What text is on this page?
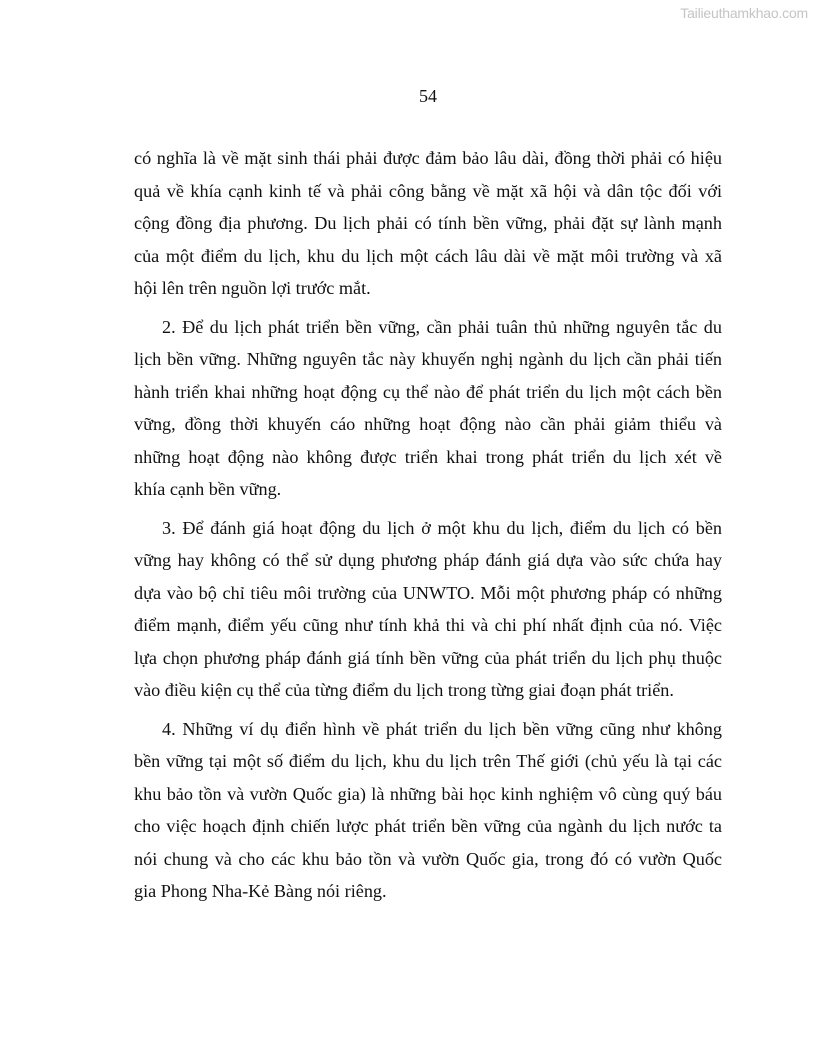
Tailieuthamkhao.com
54
có nghĩa là về mặt sinh thái phải được đảm bảo lâu dài, đồng thời phải có hiệu
quả về khía cạnh kinh tế và phải công bằng về mặt xã hội và dân tộc đối với
cộng đồng địa phương. Du lịch phải có tính bền vững, phải đặt sự lành mạnh
của một điểm du lịch, khu du lịch một cách lâu dài về mặt môi trường và xã
hội lên trên nguồn lợi trước mắt.
2. Để du lịch phát triển bền vững, cần phải tuân thủ những nguyên tắc du
lịch bền vững. Những nguyên tắc này khuyến nghị ngành du lịch cần phải tiến
hành triển khai những hoạt động cụ thể nào để phát triển du lịch một cách bền
vững, đồng thời khuyến cáo những hoạt động nào cần phải giảm thiểu và
những hoạt động nào không được triển khai trong phát triển du lịch xét về
khía cạnh bền vững.
3. Để đánh giá hoạt động du lịch ở một khu du lịch, điểm du lịch có bền
vững hay không có thể sử dụng phương pháp đánh giá dựa vào sức chứa hay
dựa vào bộ chỉ tiêu môi trường của UNWTO. Mỗi một phương pháp có những
điểm mạnh, điểm yếu cũng như tính khả thi và chi phí nhất định của nó. Việc
lựa chọn phương pháp đánh giá tính bền vững của phát triển du lịch phụ thuộc
vào điều kiện cụ thể của từng điểm du lịch trong từng giai đoạn phát triển.
4. Những ví dụ điển hình về phát triển du lịch bền vững cũng như không
bền vững tại một số điểm du lịch, khu du lịch trên Thế giới (chủ yếu là tại các
khu bảo tồn và vườn Quốc gia) là những bài học kinh nghiệm vô cùng quý báu
cho việc hoạch định chiến lược phát triển bền vững của ngành du lịch nước ta
nói chung và cho các khu bảo tồn và vườn Quốc gia, trong đó có vườn Quốc
gia Phong Nha-Kẻ Bàng nói riêng.
